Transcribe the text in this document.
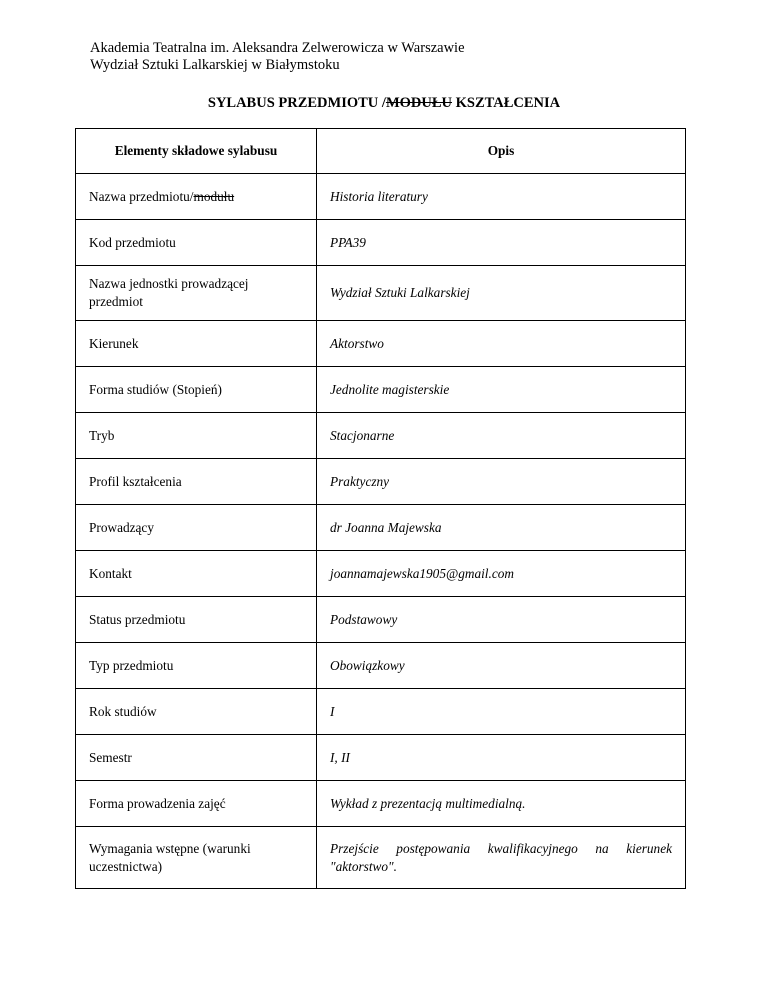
Akademia Teatralna im. Aleksandra Zelwerowicza w Warszawie
Wydział Sztuki Lalkarskiej w Białymstoku
SYLABUS PRZEDMIOTU /MODUŁU KSZTAŁCENIA
Elementy składowe sylabusu	Opis
Nazwa przedmiotu/modułu	Historia literatury
Kod przedmiotu	PPA39
Nazwa jednostki prowadzącej przedmiot	Wydział Sztuki Lalkarskiej
Kierunek	Aktorstwo
Forma studiów (Stopień)	Jednolite magisterskie
Tryb	Stacjonarne
Profil kształcenia	Praktyczny
Prowadzący	dr Joanna Majewska
Kontakt	joannamajewska1905@gmail.com
Status przedmiotu	Podstawowy
Typ przedmiotu	Obowiązkowy
Rok studiów	I
Semestr	I, II
Forma prowadzenia zajęć	Wykład z prezentacją multimedialną.
Wymagania wstępne (warunki uczestnictwa)	Przejście postępowania kwalifikacyjnego na kierunek "aktorstwo".
